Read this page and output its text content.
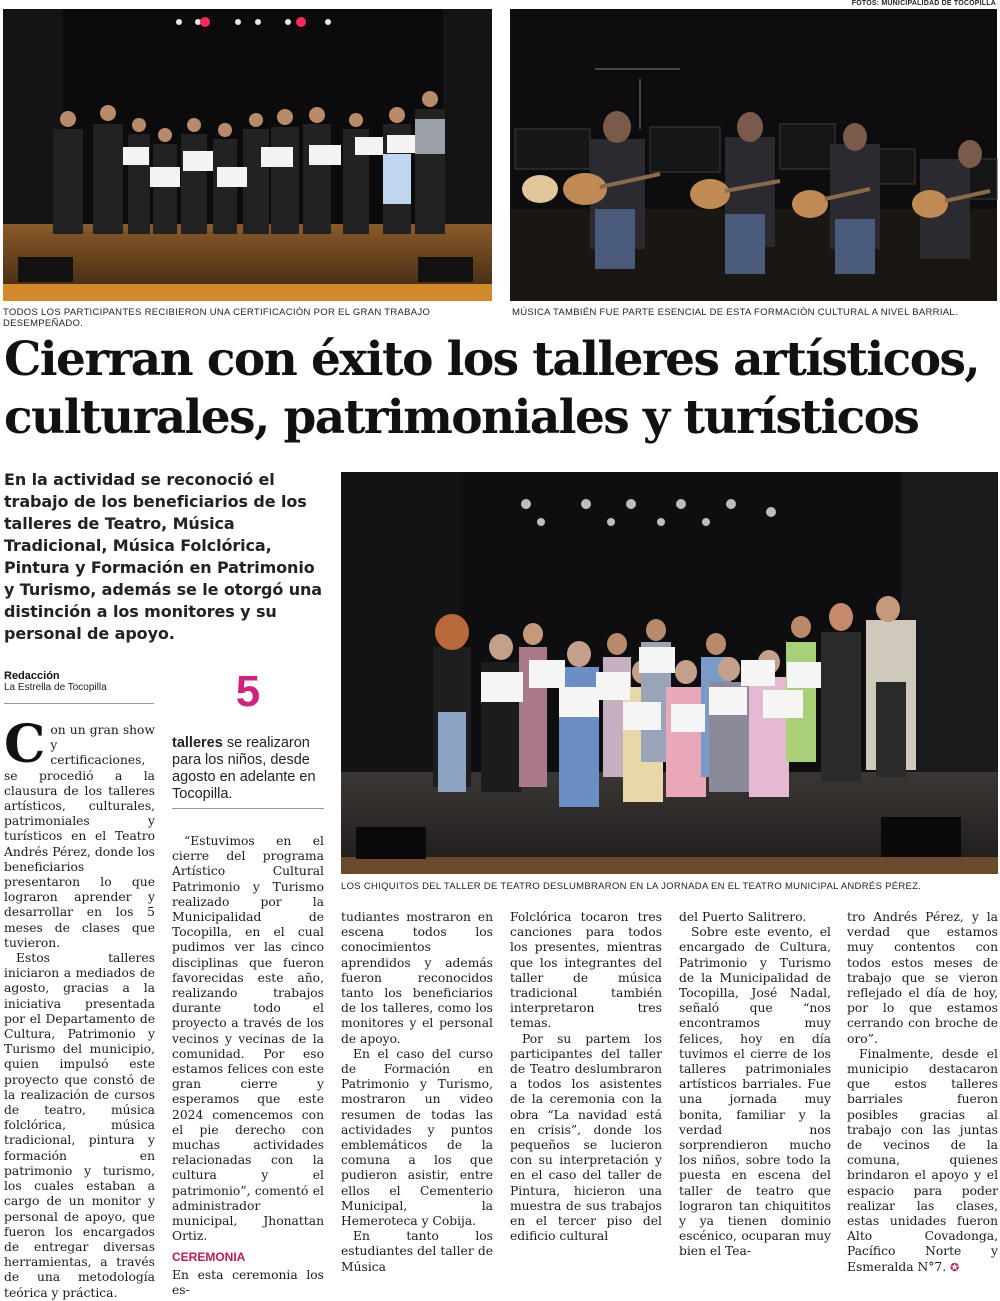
FOTOS: MUNICIPALIDAD DE TOCOPILLA
TODOS LOS PARTICIPANTES RECIBIERON UNA CERTIFICACIÓN POR EL GRAN TRABAJO DESEMPEÑADO.
MÚSICA TAMBIÉN FUE PARTE ESENCIAL DE ESTA FORMACIÓN CULTURAL A NIVEL BARRIAL.
Cierran con éxito los talleres artísticos,
culturales, patrimoniales y turísticos
En la actividad se reconoció el trabajo de los beneficiarios de los talleres de Teatro, Música Tradicional, Música Folclórica, Pintura y Formación en Patrimonio y Turismo, además se le otorgó una distinción a los monitores y su personal de apoyo.
Redacción
La Estrella de Tocopilla	5
talleres se realizaron para los niños, desde agosto en adelante en Tocopilla.
LOS CHIQUITOS DEL TALLER DE TEATRO DESLUMBRARON EN LA JORNADA EN EL TEATRO MUNICIPAL ANDRÉS PÉREZ.

Con un gran show y certificaciones, se procedió a la clausura de los talleres artísticos, culturales, patrimoniales y turísticos en el Teatro Andrés Pérez, donde los beneficiarios presentaron lo que lograron aprender y desarrollar en los 5 meses de clases que tuvieron.

Estos talleres iniciaron a mediados de agosto, gracias a la iniciativa presentada por el Departamento de Cultura, Patrimonio y Turismo del municipio, quien impulsó este proyecto que constó de la realización de cursos de teatro, música folclórica, música tradicional, pintura y formación en patrimonio y turismo, los cuales estaban a cargo de un monitor y personal de apoyo, que fueron los encargados de entregar diversas herramientas, a través de una metodología teórica y práctica.

“Estuvimos en el cierre del programa Artístico Cultural Patrimonio y Turismo realizado por la Municipalidad de Tocopilla, en el cual pudimos ver las cinco disciplinas que fueron favorecidas este año, realizando trabajos durante todo el proyecto a través de los vecinos y vecinas de la comunidad. Por eso estamos felices con este gran cierre y esperamos que este 2024 comencemos con el pie derecho con muchas actividades relacionadas con la cultura y el patrimonio”, comentó el administrador municipal, Jhonattan Ortiz.

CEREMONIA

En esta ceremonia los es-

tudiantes mostraron en escena todos los conocimientos aprendidos y además fueron reconocidos tanto los beneficiarios de los talleres, como los monitores y el personal de apoyo.

En el caso del curso de Formación en Patrimonio y Turismo, mostraron un video resumen de todas las actividades y puntos emblemáticos de la comuna a los que pudieron asistir, entre ellos el Cementerio Municipal, la Hemeroteca y Cobija.

En tanto los estudiantes del taller de Música

Folclórica tocaron tres canciones para todos los presentes, mientras que los integrantes del taller de música tradicional también interpretaron tres temas.

Por su partem los participantes del taller de Teatro deslumbraron a todos los asistentes de la ceremonia con la obra “La navidad está en crisis”, donde los pequeños se lucieron con su interpretación y en el caso del taller de Pintura, hicieron una muestra de sus trabajos en el tercer piso del edificio cultural

del Puerto Salitrero.

Sobre este evento, el encargado de Cultura, Patrimonio y Turismo de la Municipalidad de Tocopilla, José Nadal, señaló que “nos encontramos muy felices, hoy en día tuvimos el cierre de los talleres patrimoniales artísticos barriales. Fue una jornada muy bonita, familiar y la verdad nos sorprendieron mucho los niños, sobre todo la puesta en escena del taller de teatro que lograron tan chiquititos y ya tienen dominio escénico, ocuparan muy bien el Tea-

tro Andrés Pérez, y la verdad que estamos muy contentos con todos estos meses de trabajo que se vieron reflejado el día de hoy, por lo que estamos cerrando con broche de oro”.

Finalmente, desde el municipio destacaron que estos talleres barriales fueron posibles gracias al trabajo con las juntas de vecinos de la comuna, quienes brindaron el apoyo y el espacio para poder realizar las clases, estas unidades fueron Alto Covadonga, Pacífico Norte y Esmeralda N°7. ✪
